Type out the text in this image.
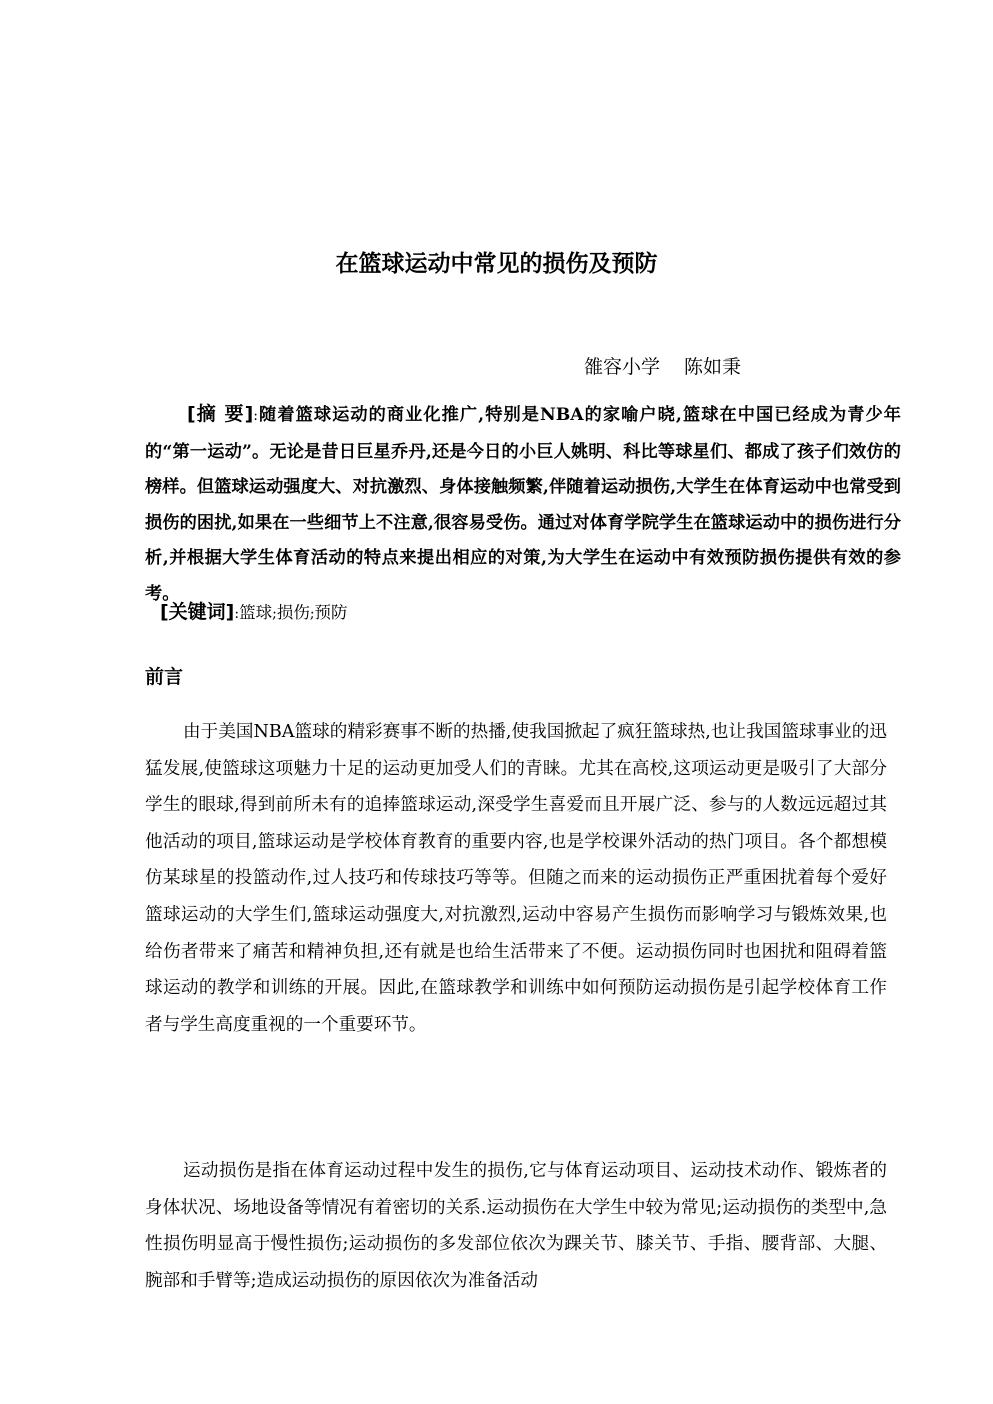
在篮球运动中常见的损伤及预防
雒容小学 陈如秉
[摘 要]:随着篮球运动的商业化推广,特别是NBA的家喻户晓,篮球在中国已经成为青少年的“第一运动”。无论是昔日巨星乔丹,还是今日的小巨人姚明、科比等球星们、都成了孩子们效仿的榜样。但篮球运动强度大、对抗激烈、身体接触频繁,伴随着运动损伤,大学生在体育运动中也常受到损伤的困扰,如果在一些细节上不注意,很容易受伤。通过对体育学院学生在篮球运动中的损伤进行分析,并根据大学生体育活动的特点来提出相应的对策,为大学生在运动中有效预防损伤提供有效的参考。
[关键词]:篮球;损伤;预防
前言

由于美国NBA篮球的精彩赛事不断的热播,使我国掀起了疯狂篮球热,也让我国篮球事业的迅猛发展,使篮球这项魅力十足的运动更加受人们的青睐。尤其在高校,这项运动更是吸引了大部分学生的眼球,得到前所未有的追捧篮球运动,深受学生喜爱而且开展广泛、参与的人数远远超过其他活动的项目,篮球运动是学校体育教育的重要内容,也是学校课外活动的热门项目。各个都想模仿某球星的投篮动作,过人技巧和传球技巧等等。但随之而来的运动损伤正严重困扰着每个爱好篮球运动的大学生们,篮球运动强度大,对抗激烈,运动中容易产生损伤而影响学习与锻炼效果,也给伤者带来了痛苦和精神负担,还有就是也给生活带来了不便。运动损伤同时也困扰和阻碍着篮球运动的教学和训练的开展。因此,在篮球教学和训练中如何预防运动损伤是引起学校体育工作者与学生高度重视的一个重要环节。

运动损伤是指在体育运动过程中发生的损伤,它与体育运动项目、运动技术动作、锻炼者的身体状况、场地设备等情况有着密切的关系.运动损伤在大学生中较为常见;运动损伤的类型中,急性损伤明显高于慢性损伤;运动损伤的多发部位依次为踝关节、膝关节、手指、腰背部、大腿、腕部和手臂等;造成运动损伤的原因依次为准备活动
